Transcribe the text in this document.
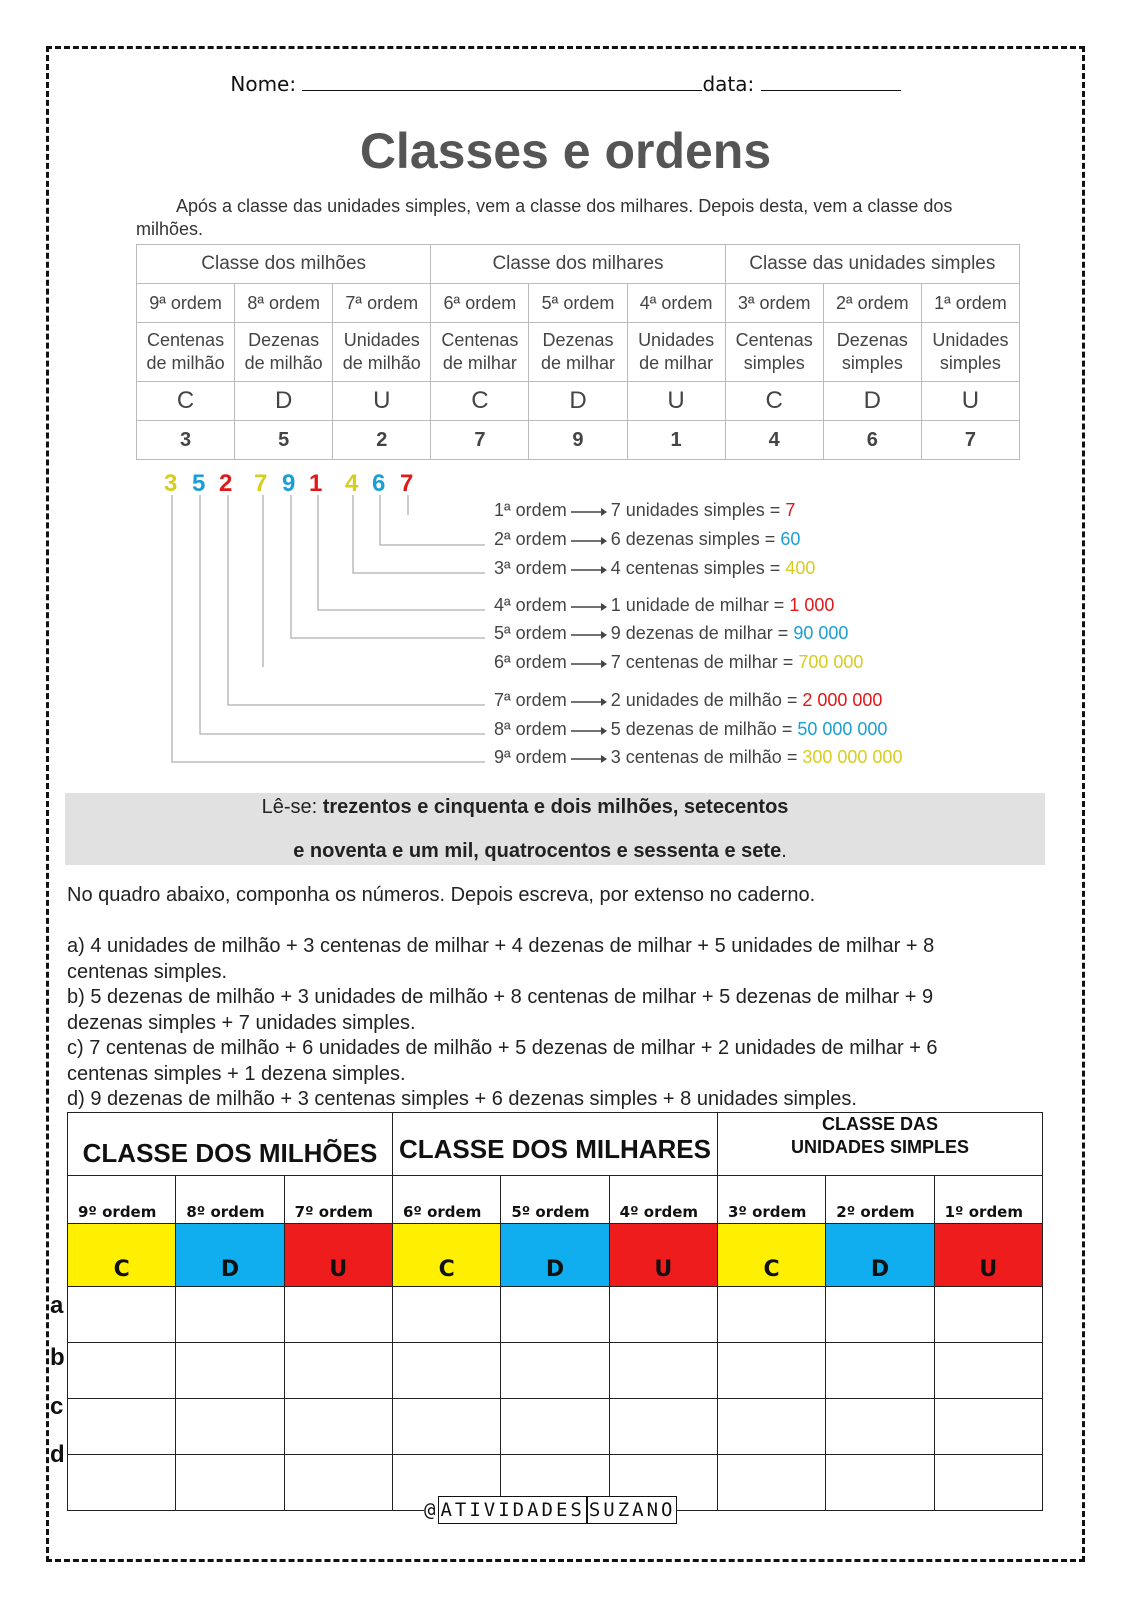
Nome:	data:
Classes e ordens
Após a classe das unidades simples, vem a classe dos milhares. Depois desta, vem a classe dos milhões.
Classe dos milhões			Classe dos milhares			Classe das unidades simples		
9ª ordem	8ª ordem	7ª ordem	6ª ordem	5ª ordem	4ª ordem	3ª ordem	2ª ordem	1ª ordem
Centenas
de milhão	Dezenas
de milhão	Unidades
de milhão	Centenas
de milhar	Dezenas
de milhar	Unidades
de milhar	Centenas
simples	Dezenas
simples	Unidades
simples
C	D	U	C	D	U	C	D	U
3	5	2	7	9	1	4	6	7
3 5 2 7 9 1 4 6 7
1ª ordem 7 unidades simples = 7
2ª ordem 6 dezenas simples = 60
3ª ordem 4 centenas simples = 400
4ª ordem 1 unidade de milhar = 1 000
5ª ordem 9 dezenas de milhar = 90 000
6ª ordem 7 centenas de milhar = 700 000
7ª ordem 2 unidades de milhão = 2 000 000
8ª ordem 5 dezenas de milhão = 50 000 000
9ª ordem 3 centenas de milhão = 300 000 000
Lê-se: trezentos e cinquenta e dois milhões, setecentos
e noventa e um mil, quatrocentos e sessenta e sete.
No quadro abaixo, componha os números. Depois escreva, por extenso no caderno.
a) 4 unidades de milhão + 3 centenas de milhar + 4 dezenas de milhar + 5 unidades de milhar + 8 centenas simples.
b) 5 dezenas de milhão + 3 unidades de milhão + 8 centenas de milhar + 5 dezenas de milhar + 9 dezenas simples + 7 unidades simples.
c) 7 centenas de milhão + 6 unidades de milhão + 5 dezenas de milhar + 2 unidades de milhar + 6 centenas simples + 1 dezena simples.
d) 9 dezenas de milhão + 3 centenas simples + 6 dezenas simples + 8 unidades simples.
CLASSE DOS MILHÕES			CLASSE DOS MILHARES			CLASSE DAS UNIDADES SIMPLES		
9º ordem	8º ordem	7º ordem	6º ordem	5º ordem	4º ordem	3º ordem	2º ordem	1º ordem
C	D	U	C	D	U	C	D	U

a
b
c
d
@ ATIVIDADES SUZANO
